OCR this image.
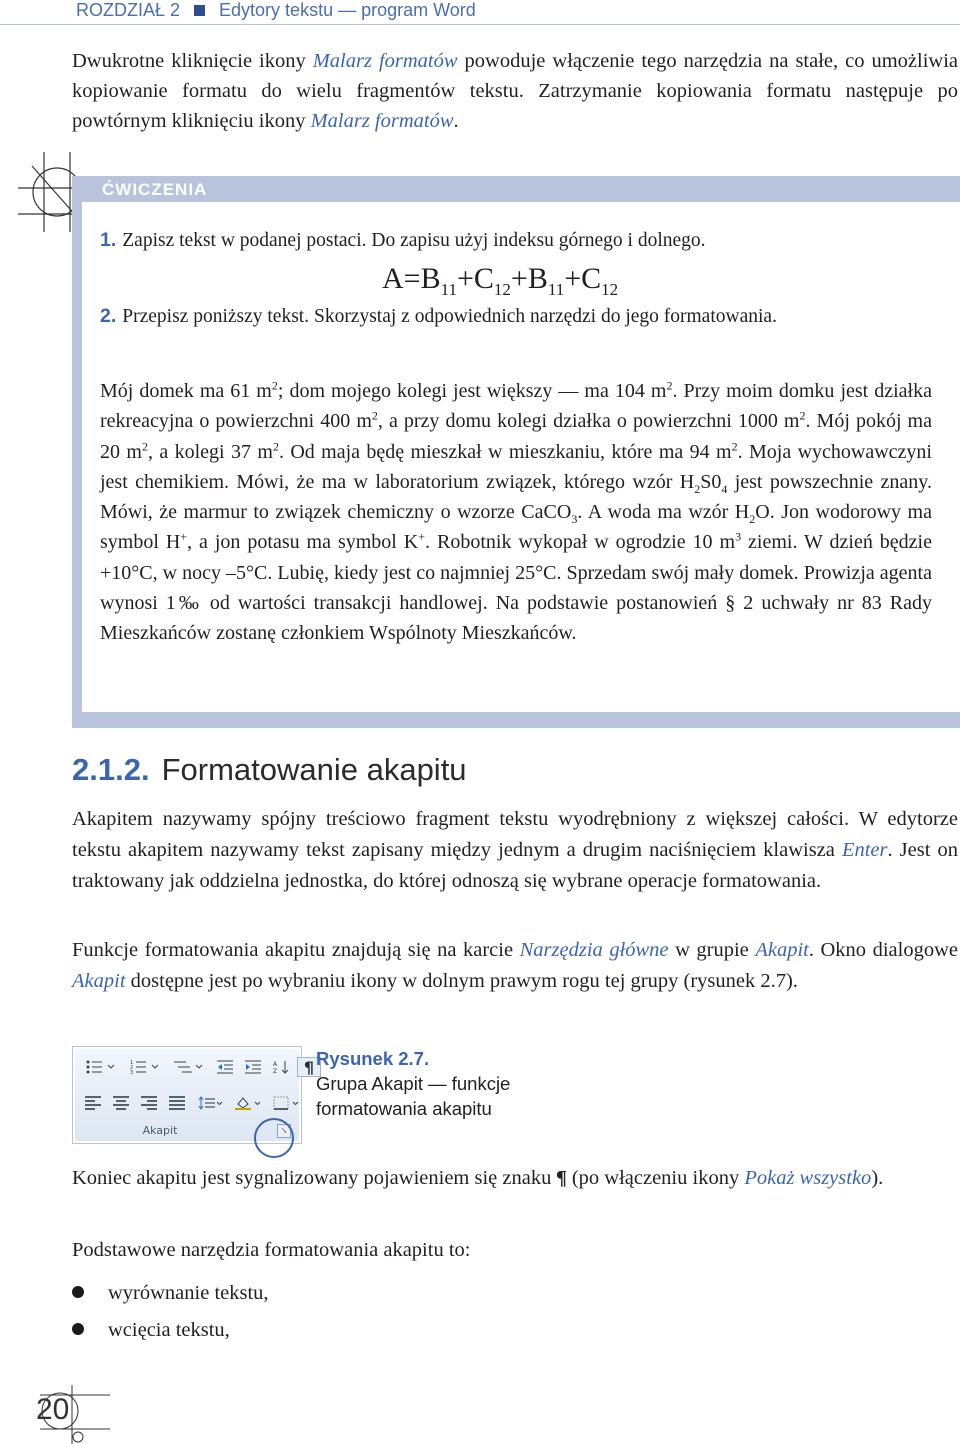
ROZDZIAŁ 2 Edytory tekstu — program Word
Dwukrotne kliknięcie ikony Malarz formatów powoduje włączenie tego narzędzia na stałe, co umożliwia kopiowanie formatu do wielu fragmentów tekstu. Zatrzymanie kopiowania formatu następuje po powtórnym kliknięciu ikony Malarz formatów.
ĆWICZENIA
1. Zapisz tekst w podanej postaci. Do zapisu użyj indeksu górnego i dolnego.
$A=B_{11}+C_{12}+B_{11}+C_{12}$
2. Przepisz poniższy tekst. Skorzystaj z odpowiednich narzędzi do jego formatowania.
Mój domek ma 61 $m^2$; dom mojego kolegi jest większy — ma 104 $m^2$. Przy moim domku jest działka rekreacyjna o powierzchni 400 $m^2$, a przy domu kolegi działka o powierzchni 1000 $m^2$. Mój pokój ma 20 $m^2$, a kolegi 37 $m^2$. Od maja będę mieszkał w mieszkaniu, które ma 94 $m^2$. Moja wychowawczyni jest chemikiem. Mówi, że ma w laboratorium związek, którego wzór $H_2S0_4$ jest powszechnie znany. Mówi, że marmur to związek chemiczny o wzorze CaCO$_3$. A woda ma wzór $H_2O$. Jon wodorowy ma symbol H+, a jon potasu ma symbol K+. Robotnik wykopał w ogrodzie 10 $m^3$ ziemi. W dzień będzie +10°C, w nocy –5°C. Lubię, kiedy jest co najmniej 25°C. Sprzedam swój mały domek. Prowizja agenta wynosi 1‰ od wartości transakcji handlowej. Na podstawie postanowień § 2 uchwały nr 83 Rady Mieszkańców zostanę członkiem Wspólnoty Mieszkańców.
2.1.2. Formatowanie akapitu
Akapitem nazywamy spójny treściowo fragment tekstu wyodrębniony z większej całości. W edytorze tekstu akapitem nazywamy tekst zapisany między jednym a drugim naciśnięciem klawisza Enter. Jest on traktowany jak oddzielna jednostka, do której odnoszą się wybrane operacje formatowania.
Funkcje formatowania akapitu znajdują się na karcie Narzędzia główne w grupie Akapit. Okno dialogowe Akapit dostępne jest po wybraniu ikony w dolnym prawym rogu tej grupy (rysunek 2.7).
1
2
3
A
Z ¶
Akapit	↘
Rysunek 2.7.
Grupa Akapit — funkcje
formatowania akapitu
Koniec akapitu jest sygnalizowany pojawieniem się znaku ¶ (po włączeniu ikony Pokaż wszystko).
Podstawowe narzędzia formatowania akapitu to:
wyrównanie tekstu,
wcięcia tekstu,
20
